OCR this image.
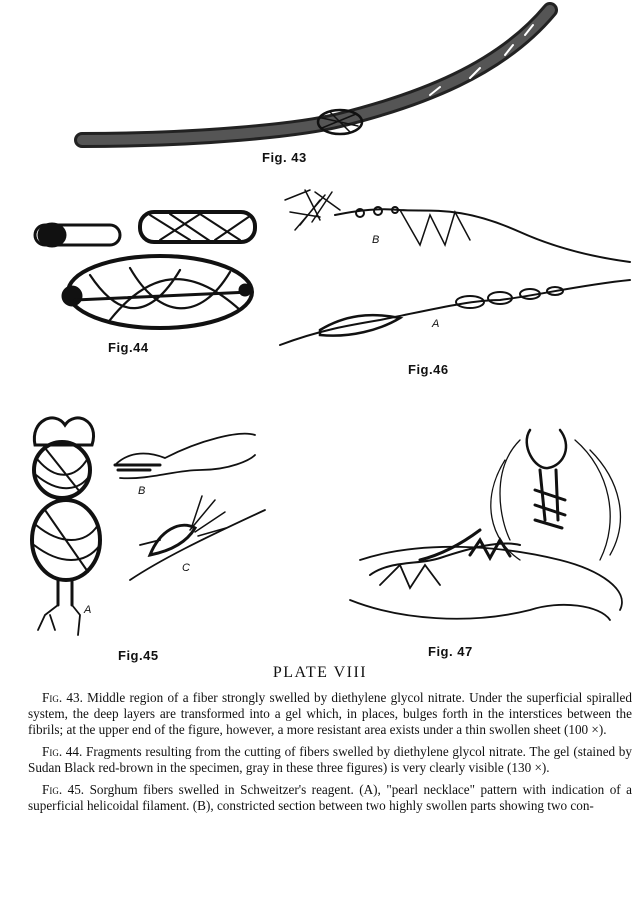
Fig. 43
Fig.44
Fig.46
B
A
A
B
C
Fig.45	Fig. 47
PLATE VIII

Fig. 43. Middle region of a fiber strongly swelled by diethylene glycol nitrate. Under the superficial spiralled system, the deep layers are transformed into a gel which, in places, bulges forth in the interstices between the fibrils; at the upper end of the figure, however, a more resistant area exists under a thin swollen sheet (100 ×).

Fig. 44. Fragments resulting from the cutting of fibers swelled by diethylene glycol nitrate. The gel (stained by Sudan Black red-brown in the specimen, gray in these three figures) is very clearly visible (130 ×).

Fig. 45. Sorghum fibers swelled in Schweitzer's reagent. (A), "pearl necklace" pattern with indication of a superficial helicoidal filament. (B), constricted section between two highly swollen parts showing two con-
